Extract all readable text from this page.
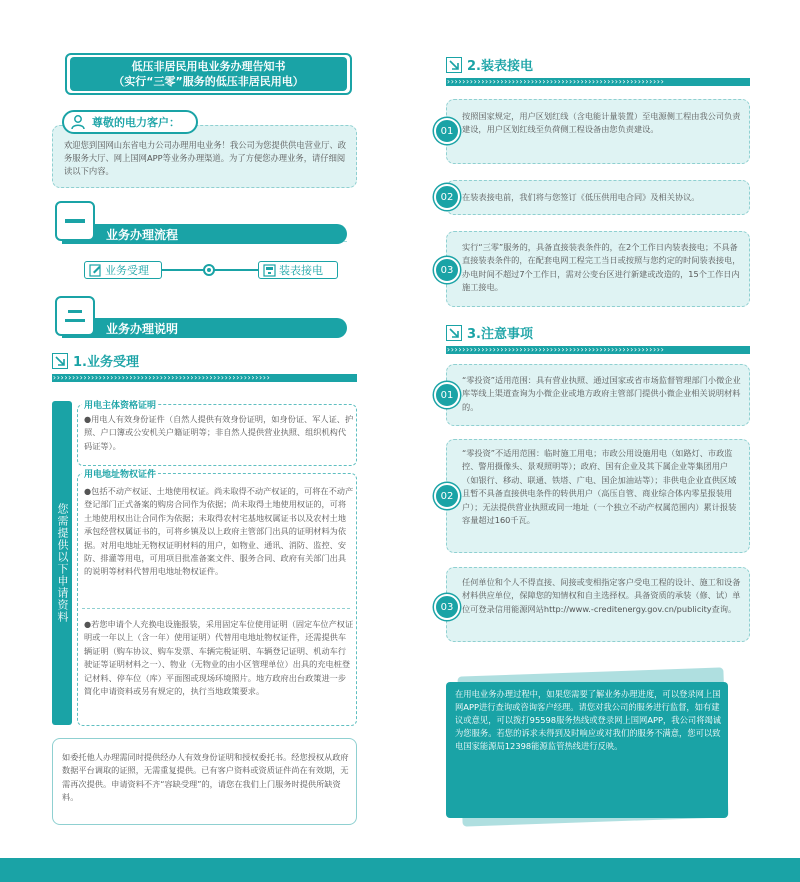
低压非居民用电业务办理告知书
（实行“三零”服务的低压非居民用电）
尊敬的电力客户：
欢迎您到国网山东省电力公司办理用电业务！我公司为您提供供电营业厅、政务服务大厅、网上国网APP等业务办理渠道。为了方便您办理业务，请仔细阅读以下内容。
业务办理流程
业务受理	装表接电
业务办理说明
1.业务受理
›››››››››››››››››››››››››››››››››››››››››››››››››››››››››
您需提供以下申请资料
用电主体资格证明
●用电人有效身份证件（自然人提供有效身份证明，如身份证、军人证、护照、户口簿或公安机关户籍证明等；非自然人提供营业执照、组织机构代码证等）。
用电地址物权证件
●包括不动产权证、土地使用权证。尚未取得不动产权证的，可将在不动产登记部门正式备案的购房合同作为依据；尚未取得土地使用权证的，可将土地使用权出让合同作为依据；未取得农村宅基地权属证书以及农村土地承包经营权属证书的，可将乡镇及以上政府主管部门出具的证明材料为依据。对用电地址无物权证明材料的用户，如物业、通讯、消防、监控、安防、排灌等用电，可用项目批准备案文件、服务合同、政府有关部门出具的说明等材料代替用电地址物权证件。
●若您申请个人充换电设施报装，采用固定车位使用证明（固定车位产权证明或一年以上（含一年）使用证明）代替用电地址物权证件，还需提供车辆证明（购车协议、购车发票、车辆完税证明、车辆登记证明、机动车行驶证等证明材料之一）、物业（无物业的由小区管理单位）出具的充电桩登记材料、停车位（库）平面图或现场环境照片。地方政府出台政策进一步简化申请资料或另有规定的，执行当地政策要求。
如委托他人办理需同时提供经办人有效身份证明和授权委托书。经您授权从政府数据平台调取的证照，无需重复提供。已有客户资料或资质证件尚在有效期，无需再次提供。申请资料不齐“容缺受理”的，请您在我们上门服务时提供所缺资料。
2.装表接电
›››››››››››››››››››››››››››››››››››››››››››››››››››››››››
01
按照国家规定，用户区划红线（含电能计量装置）至电源侧工程由我公司负责建设，用户区划红线至负荷侧工程设备由您负责建设。
02	在装表接电前，我们将与您签订《低压供用电合同》及相关协议。
03
实行“三零”服务的，具备直接装表条件的，在2个工作日内装表接电；不具备直接装表条件的，在配套电网工程完工当日或按照与您约定的时间装表接电，办电时间不超过7个工作日，需对公变台区进行新建或改造的，15个工作日内施工接电。
3.注意事项
›››››››››››››››››››››››››››››››››››››››››››››››››››››››››
01
“零投资”适用范围：具有营业执照、通过国家或省市场监督管理部门小微企业库等线上渠道查询为小微企业或地方政府主管部门提供小微企业相关说明材料的。
02
“零投资”不适用范围：临时施工用电；市政公用设施用电（如路灯、市政监控、警用摄像头、景观照明等）；政府、国有企业及其下属企业等集团用户（如银行、移动、联通、铁塔、广电、国企加油站等）；非供电企业直供区域且暂不具备直接供电条件的转供用户（高压自管、商业综合体内零星报装用户）；无法提供营业执照或同一地址（一个独立不动产权属范围内）累计报装容量超过160千瓦。
03
任何单位和个人不得直接、间接或变相指定客户受电工程的设计、施工和设备材料供应单位，保障您的知情权和自主选择权。具备资质的承装（修、试）单位可登录信用能源网站http://www.-creditenergy.gov.cn/publicity查询。
在用电业务办理过程中，如果您需要了解业务办理进度，可以登录网上国网APP进行查询或咨询客户经理。请您对我公司的服务进行监督，如有建议或意见，可以拨打95598服务热线或登录网上国网APP，我公司将竭诚为您服务。若您的诉求未得到及时响应或对我们的服务不满意，您可以致电国家能源局12398能源监管热线进行反映。
